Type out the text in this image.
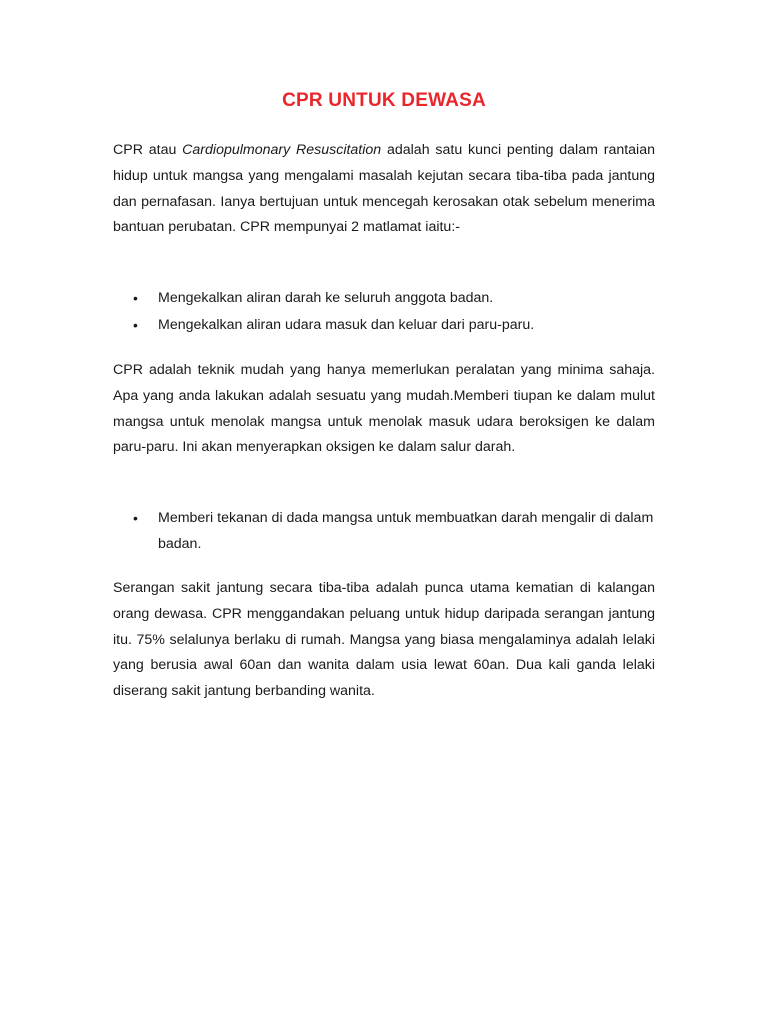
CPR UNTUK DEWASA

CPR atau Cardiopulmonary Resuscitation adalah satu kunci penting dalam rantaian hidup untuk mangsa yang mengalami masalah kejutan secara tiba-tiba pada jantung dan pernafasan. Ianya bertujuan untuk mencegah kerosakan otak sebelum menerima bantuan perubatan. CPR mempunyai 2 matlamat iaitu:-

• Mengekalkan aliran darah ke seluruh anggota badan.
• Mengekalkan aliran udara masuk dan keluar dari paru-paru.

CPR adalah teknik mudah yang hanya memerlukan peralatan yang minima sahaja. Apa yang anda lakukan adalah sesuatu yang mudah.Memberi tiupan ke dalam mulut mangsa untuk menolak mangsa untuk menolak masuk udara beroksigen ke dalam paru-paru. Ini akan menyerapkan oksigen ke dalam salur darah.

• Memberi tekanan di dada mangsa untuk membuatkan darah mengalir di dalam badan.

Serangan sakit jantung secara tiba-tiba adalah punca utama kematian di kalangan orang dewasa. CPR menggandakan peluang untuk hidup daripada serangan jantung itu. 75% selalunya berlaku di rumah. Mangsa yang biasa mengalaminya adalah lelaki yang berusia awal 60an dan wanita dalam usia lewat 60an. Dua kali ganda lelaki diserang sakit jantung berbanding wanita.
